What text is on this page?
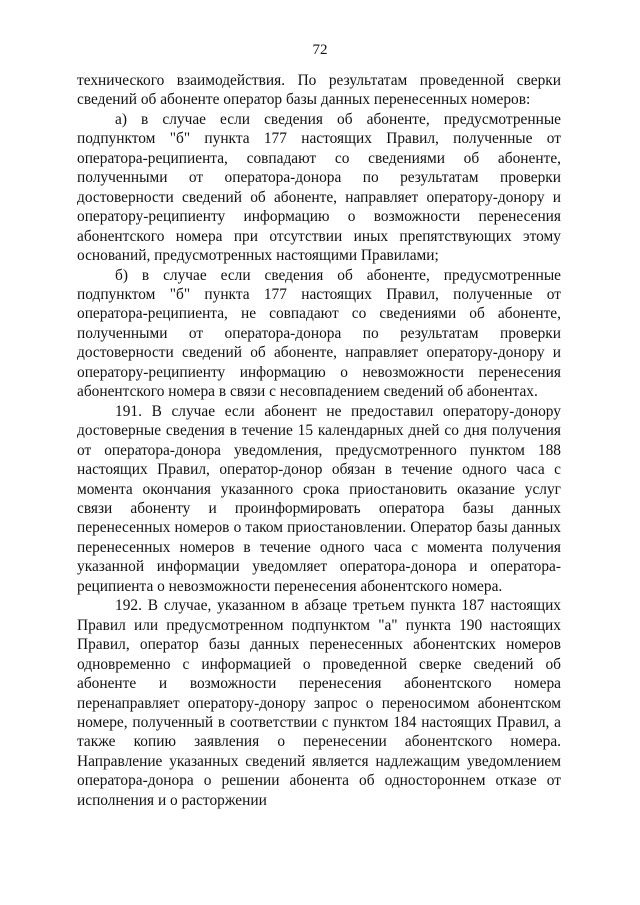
72

технического взаимодействия. По результатам проведенной сверки сведений об абоненте оператор базы данных перенесенных номеров:

а) в случае если сведения об абоненте, предусмотренные подпунктом "б" пункта 177 настоящих Правил, полученные от оператора-реципиента, совпадают со сведениями об абоненте, полученными от оператора-донора по результатам проверки достоверности сведений об абоненте, направляет оператору-донору и оператору-реципиенту информацию о возможности перенесения абонентского номера при отсутствии иных препятствующих этому оснований, предусмотренных настоящими Правилами;

б) в случае если сведения об абоненте, предусмотренные подпунктом "б" пункта 177 настоящих Правил, полученные от оператора-реципиента, не совпадают со сведениями об абоненте, полученными от оператора-донора по результатам проверки достоверности сведений об абоненте, направляет оператору-донору и оператору-реципиенту информацию о невозможности перенесения абонентского номера в связи с несовпадением сведений об абонентах.

191. В случае если абонент не предоставил оператору-донору достоверные сведения в течение 15 календарных дней со дня получения от оператора-донора уведомления, предусмотренного пунктом 188 настоящих Правил, оператор-донор обязан в течение одного часа с момента окончания указанного срока приостановить оказание услуг связи абоненту и проинформировать оператора базы данных перенесенных номеров о таком приостановлении. Оператор базы данных перенесенных номеров в течение одного часа с момента получения указанной информации уведомляет оператора-донора и оператора-реципиента о невозможности перенесения абонентского номера.

192. В случае, указанном в абзаце третьем пункта 187 настоящих Правил или предусмотренном подпунктом "а" пункта 190 настоящих Правил, оператор базы данных перенесенных абонентских номеров одновременно с информацией о проведенной сверке сведений об абоненте и возможности перенесения абонентского номера перенаправляет оператору-донору запрос о переносимом абонентском номере, полученный в соответствии с пунктом 184 настоящих Правил, а также копию заявления о перенесении абонентского номера. Направление указанных сведений является надлежащим уведомлением оператора-донора о решении абонента об одностороннем отказе от исполнения и о расторжении
